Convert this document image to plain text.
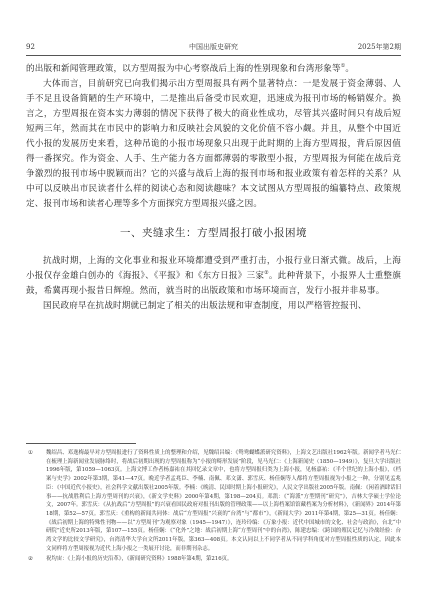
92	中国出版史研究	2025年第2期

的出版和新闻管理政策，以方型周报为中心考察战后上海的性别现象和台湾形象等①。

大体而言，目前研究已向我们揭示出方型周报具有两个显著特点：一是发展于资金薄弱、人手不足且设备简陋的生产环境中，二是推出后备受市民欢迎，迅速成为报刊市场的畅销媒介。换言之，方型周报在资本实力薄弱的情况下获得了极大的商业性成功，尽管其兴盛时间只有战后短短两三年，然而其在市民中的影响力和反映社会风貌的文化价值不容小觑。并且，从整个中国近代小报的发展历史来看，这种吊诡的小报市场现象只出现于此时期的上海方型周报，背后原因值得一番探究。作为资金、人手、生产能力各方面都薄弱的零散型小报，方型周报为何能在战后竞争激烈的报刊市场中脱颖而出？它的兴盛与战后上海的报刊市场和报业政策有着怎样的关系？从中可以反映出市民读者什么样的阅读心态和阅读趣味？本文试图从方型周报的编纂特点、政策规定、报刊市场和读者心理等多个方面探究方型周报兴盛之因。

一、夹缝求生：方型周报打破小报困境

抗战时期，上海的文化事业和报业环境都遭受到严重打击，小报行业日渐式微。战后，上海小报仅存金雄白创办的《海报》、《平报》和《东方日报》三家②。此种背景下，小报界人士重整旗鼓，希冀再现小报昔日辉煌。然而，就当时的出版政策和市场环境而言，发行小报并非易事。

国民政府早在抗战时期就已制定了相关的出版法规和审查制度，用以严格管控报刊、

① 魏绍昌、邓逸梅最早对方型周报进行了资料性质上的整理和介绍，见魏绍昌编：《鸳鸯蝴蝶派研究资料》，上海文艺出版社1962年版。新闻学者马光仁在梳理上海新闻业发展脉络时，将战后初期出现的方型周报称为“小报的畸形发展”阶段，见马光仁：《上海新闻史（1850—1949）》，复旦大学出版社1996年版，第1059—1063页。上海文博工作者杨嘉祐在其回忆录文章中，也将方型周报归类为上海小报，见杨嘉祐：《半个世纪的上海小报》，《档案与史学》2002年第3期，第41—47页。晚近学者孟兆臣、李楠、南佩、邓文潇、郭雪庆、杨佳娴等人都将方型周报视为小报之一种，分别见孟兆臣：《中国近代小报史》，社会科学文献出版社2005年版。李楠：《晚清、民国时期上海小报研究》，人民文学出版社2005年版。南佩：《闲着酒肆话旧事——抗战胜利后上海方型周刊的兴衰》，《新文学史料》2000年第4期，第198—204页。邓凯：《“海派”方型期刊“研究”》，吉林大学硕士学位论文，2007年。郭雪庆：《从抗战后“方型周报”的兴衰看国民政府对报刊出版的管理政策——以上海档案馆馆藏档案为分析材料》，《新闻界》2014年第18期，第52—57页。郭雪庆：《重构的新闻共同体：战后“方型周报”兴衰的“台湾”与“都市”》，《新闻大学》2011年第4期，第25—31页。杨佳娴：《战后初期上海的特殊性刊物——以“方型周刊”为观察对象（1945—1947）》，连玲玲编：《万象小报：近代中国城市的文化、社会与政治》，台北“中研院”近史所2013年版，第107—155页。杨佳娴：《“化外”之地：战后初期上海“方型周刊”中的台湾》，陈建忠编：《跨国的殖民记忆与冷战经验：台湾文学的比较文学研究》，台湾清华大学台文所2011年版，第363—408页。本文认同以上不同学者从不同学科角度对方型周报性质的认定，因此本文同样将方型周报视为近代上海小报之一类展开讨论，而非期刊杂志。
② 祝均宙：《上海小报的历史沿革》，《新闻研究资料》1988年第4期，第216页。
